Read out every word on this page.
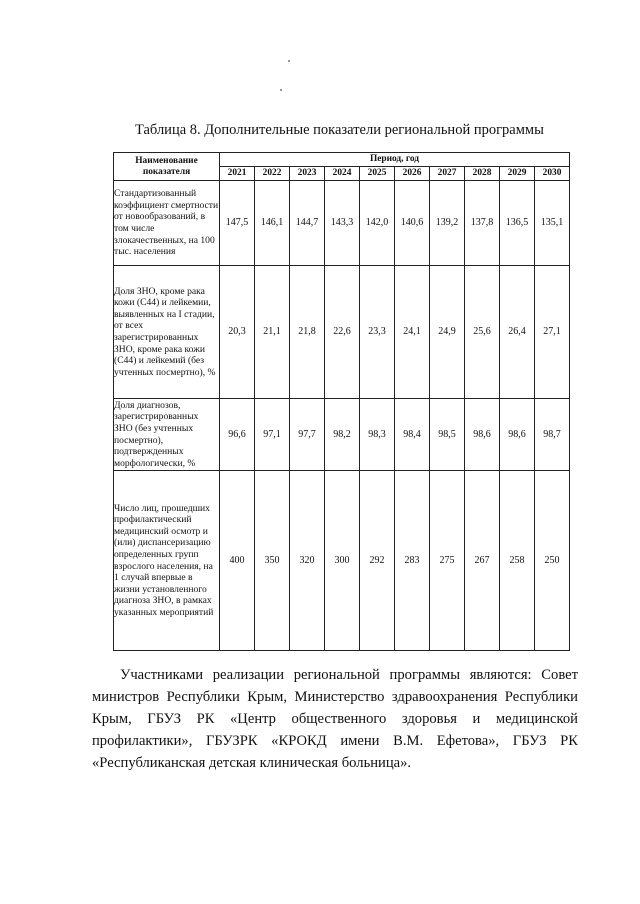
Таблица 8. Дополнительные показатели региональной программы
Наименование показателя	Период, год									
	2021	2022	2023	2024	2025	2026	2027	2028	2029	2030
Стандартизованный коэффициент смертности от новообразований, в том числе злокачественных, на 100 тыс. населения	147,5	146,1	144,7	143,3	142,0	140,6	139,2	137,8	136,5	135,1
Доля ЗНО, кроме рака кожи (С44) и лейкемии, выявленных на I стадии, от всех зарегистрированных ЗНО, кроме рака кожи (С44) и лейкемий (без учтенных посмертно), %	20,3	21,1	21,8	22,6	23,3	24,1	24,9	25,6	26,4	27,1
Доля диагнозов, зарегистрированных ЗНО (без учтенных посмертно), подтвержденных морфологически, %	96,6	97,1	97,7	98,2	98,3	98,4	98,5	98,6	98,6	98,7
Число лиц, прошедших профилактический медицинский осмотр и (или) диспансеризацию определенных групп взрослого населения, на 1 случай впервые в жизни установленного диагноза ЗНО, в рамках указанных мероприятий	400	350	320	300	292	283	275	267	258	250
Участниками реализации региональной программы являются: Совет министров Республики Крым, Министерство здравоохранения Республики Крым, ГБУЗ РК «Центр общественного здоровья и медицинской профилактики», ГБУЗРК «КРОКД имени В.М. Ефетова», ГБУЗ РК «Республиканская детская клиническая больница».
